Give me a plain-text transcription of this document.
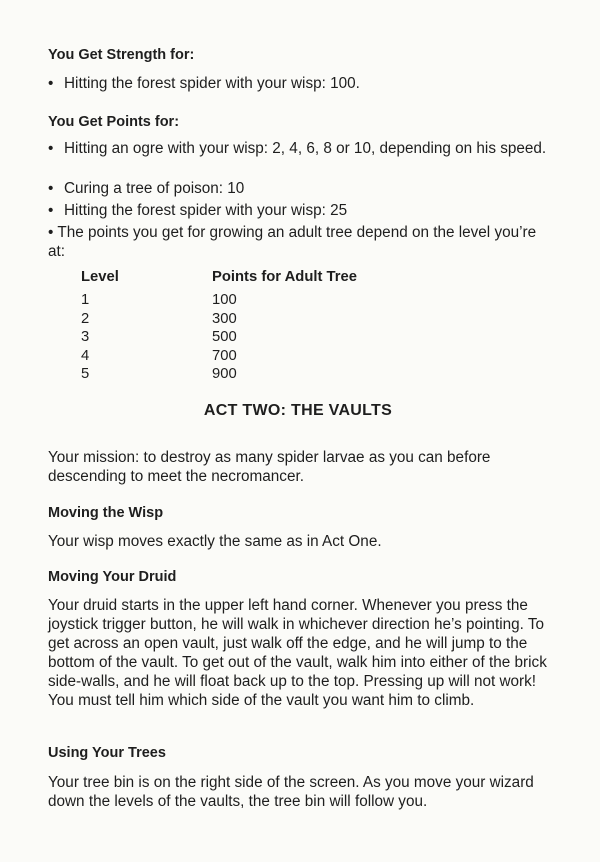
You Get Strength for:
• Hitting the forest spider with your wisp: 100.
You Get Points for:
• Hitting an ogre with your wisp: 2, 4, 6, 8 or 10, depending on his speed.
• Curing a tree of poison: 10
• Hitting the forest spider with your wisp: 25

• The points you get for growing an adult tree depend on the level you’re at:

Level	Points for Adult Tree
1	100
2	300
3	500
4	700
5	900
ACT TWO: THE VAULTS

Your mission: to destroy as many spider larvae as you can before descending to meet the necromancer.

Moving the Wisp

Your wisp moves exactly the same as in Act One.

Moving Your Druid

Your druid starts in the upper left hand corner. Whenever you press the joystick trigger button, he will walk in whichever direction he’s pointing. To get across an open vault, just walk off the edge, and he will jump to the bottom of the vault. To get out of the vault, walk him into either of the brick side-walls, and he will float back up to the top. Pressing up will not work! You must tell him which side of the vault you want him to climb.

Using Your Trees

Your tree bin is on the right side of the screen. As you move your wizard down the levels of the vaults, the tree bin will follow you.
